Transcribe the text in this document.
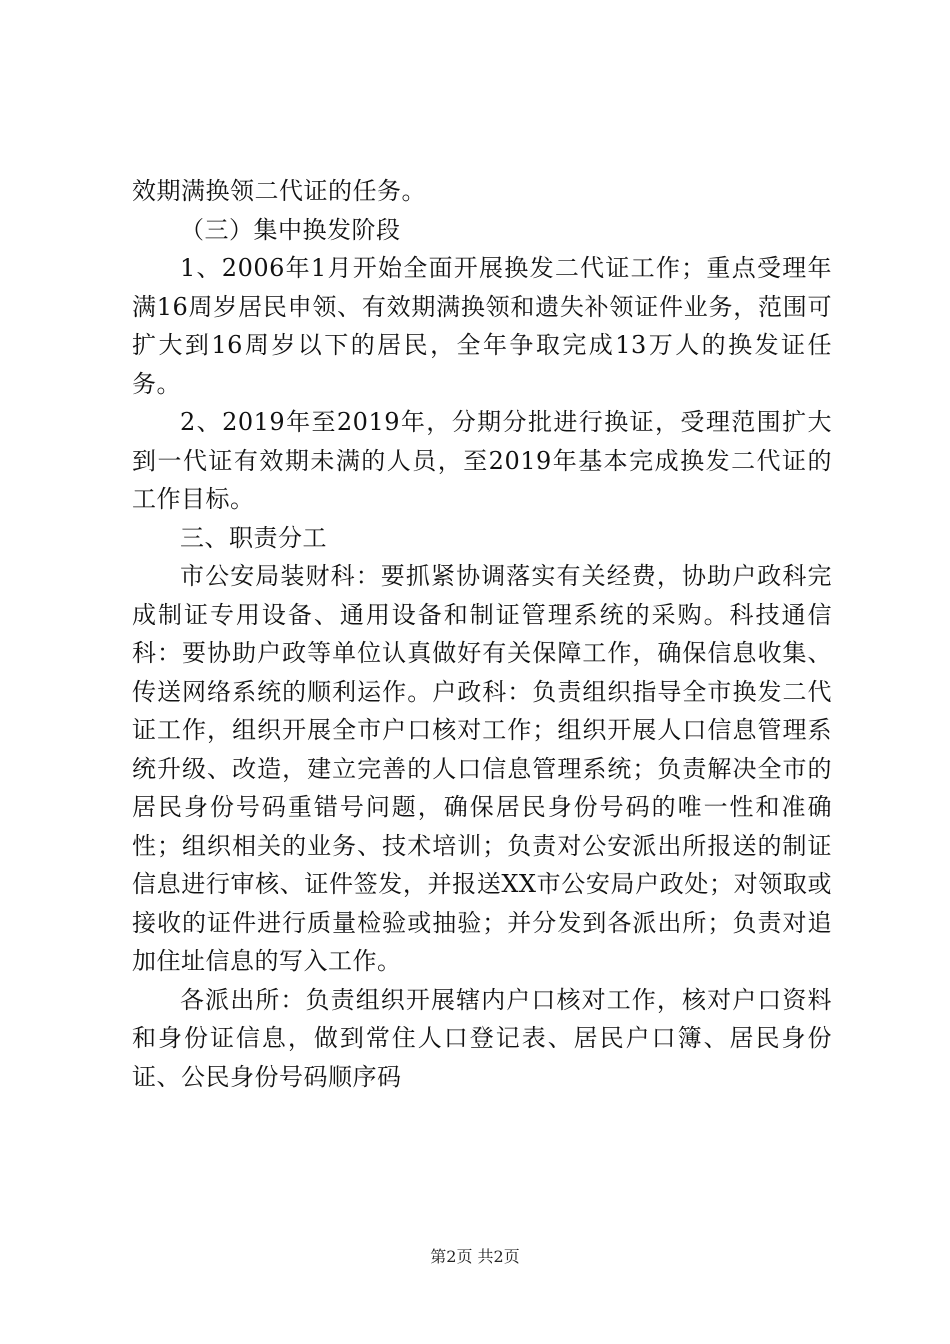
效期满换领二代证的任务。

（三）集中换发阶段

1、2006年1月开始全面开展换发二代证工作；重点受理年满16周岁居民申领、有效期满换领和遗失补领证件业务，范围可扩大到16周岁以下的居民，全年争取完成13万人的换发证任务。

2、2019年至2019年，分期分批进行换证，受理范围扩大到一代证有效期未满的人员，至2019年基本完成换发二代证的工作目标。

三、职责分工

市公安局装财科：要抓紧协调落实有关经费，协助户政科完成制证专用设备、通用设备和制证管理系统的采购。科技通信科：要协助户政等单位认真做好有关保障工作，确保信息收集、传送网络系统的顺利运作。户政科：负责组织指导全市换发二代证工作，组织开展全市户口核对工作；组织开展人口信息管理系统升级、改造，建立完善的人口信息管理系统；负责解决全市的居民身份号码重错号问题，确保居民身份号码的唯一性和准确性；组织相关的业务、技术培训；负责对公安派出所报送的制证信息进行审核、证件签发，并报送XX市公安局户政处；对领取或接收的证件进行质量检验或抽验；并分发到各派出所；负责对追加住址信息的写入工作。

各派出所：负责组织开展辖内户口核对工作，核对户口资料和身份证信息，做到常住人口登记表、居民户口簿、居民身份证、公民身份号码顺序码

第2页 共2页
